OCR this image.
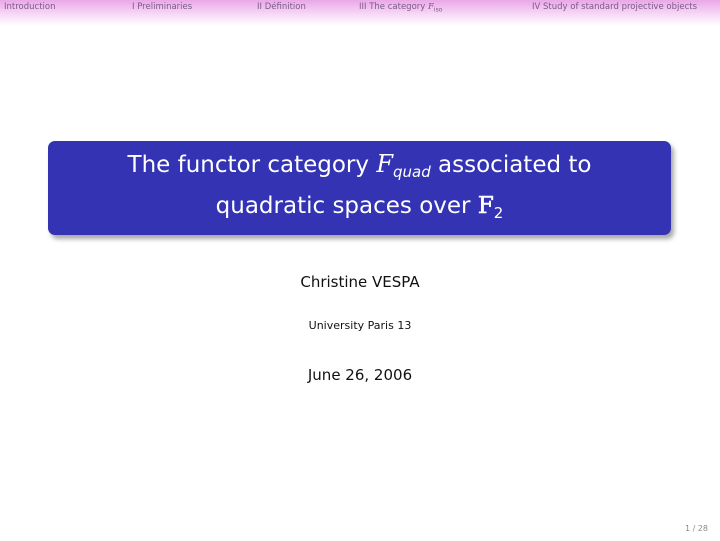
Introduction	I Preliminaries	II Définition	III The category $F_{iso}$	IV Study of standard projective objects
The functor category $F_{quad}$ associated to
quadratic spaces over $F_2$
Christine VESPA
University Paris 13
June 26, 2006
1 / 28
